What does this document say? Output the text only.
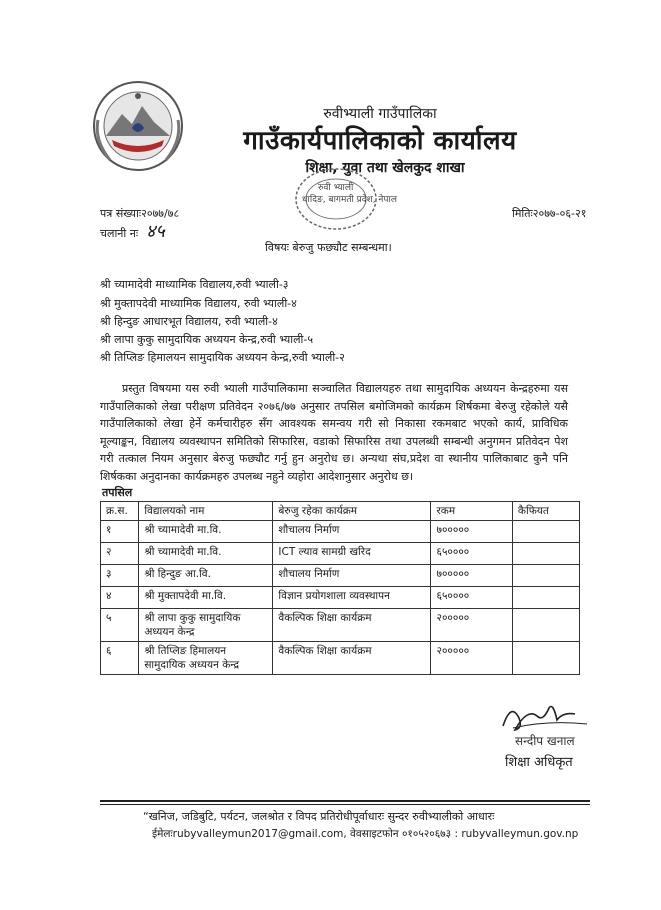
रुवीभ्याली गाउँपालिका
गाउँकार्यपालिकाको कार्यालय
शिक्षा, युवा तथा खेलकुद शाखा
रुवी भ्याली
धादिङ, बागमती प्रदेश, नेपाल
पत्र संख्याः२०७७/७८	मितिः२०७७-०६-२१
चलानी नः ४५
विषयः बेरुजु फछ्यौट सम्बन्धमा।
श्री च्यामादेवी माध्यामिक विद्यालय,रुवी भ्याली-३
श्री मुक्तापदेवी माध्यामिक विद्यालय, रुवी भ्याली-४
श्री हिन्दुङ आधारभूत विद्यालय, रुवी भ्याली-४
श्री लापा कुकु सामुदायिक अध्ययन केन्द्र,रुवी भ्याली-५
श्री तिप्लिङ हिमालयन सामुदायिक अध्ययन केन्द्र,रुवी भ्याली-२
प्रस्तुत विषयमा यस रुवी भ्याली गाउँपालिकामा सञ्चालित विद्यालयहरु तथा सामुदायिक अध्ययन केन्द्रहरुमा यस गाउँपालिकाको लेखा परीक्षण प्रतिवेदन २०७६/७७ अनुसार तपसिल बमोजिमको कार्यक्रम शिर्षकमा बेरुजु रहेकोले यसै गाउँपालिकाको लेखा हेर्ने कर्मचारीहरु सँग आवश्यक समन्वय गरी सो निकासा रकमबाट भएको कार्य, प्राविधिक मूल्याङ्कन, विद्यालय व्यवस्थापन समितिको सिफारिस, वडाको सिफारिस तथा उपलब्धी सम्बन्धी अनुगमन प्रतिवेदन पेश गरी तत्काल नियम अनुसार बेरुजु फछ्यौट गर्नु हुन अनुरोध छ। अन्यथा संघ,प्रदेश वा स्थानीय पालिकाबाट कुनै पनि शिर्षकका अनुदानका कार्यक्रमहरु उपलब्ध नहुने व्यहोरा आदेशानुसार अनुरोध छ।
तपसिल
क्र.स.	विद्यालयको नाम	बेरुजु रहेका कार्यक्रम	रकम	कैफियत
१	श्री च्यामादेवी मा.वि.	शौचालय निर्माण	७०००००	
२	श्री च्यामादेवी मा.वि.	ICT ल्याव सामग्री खरिद	६५००००	
३	श्री हिन्दुङ आ.वि.	शौचालय निर्माण	७०००००	
४	श्री मुक्तापदेवी मा.वि.	विज्ञान प्रयोगशाला व्यवस्थापन	६५००००	
५	श्री लापा कुकु सामुदायिक अध्ययन केन्द्र	वैकल्पिक शिक्षा कार्यक्रम	२०००००	
६	श्री तिप्लिङ हिमालयन सामुदायिक अध्ययन केन्द्र	वैकल्पिक शिक्षा कार्यक्रम	२०००००	
सन्दीप खनाल
शिक्षा अधिकृत
“खनिज, जडिबुटि, पर्यटन, जलश्रोत र विपद प्रतिरोधीपूर्वाधारः सुन्दर रुवीभ्यालीको आधारः
ईमेलःrubyvalleymun2017@gmail.com, वेवसाइटफोन ०१०५२०६७३ : rubyvalleymun.gov.np
